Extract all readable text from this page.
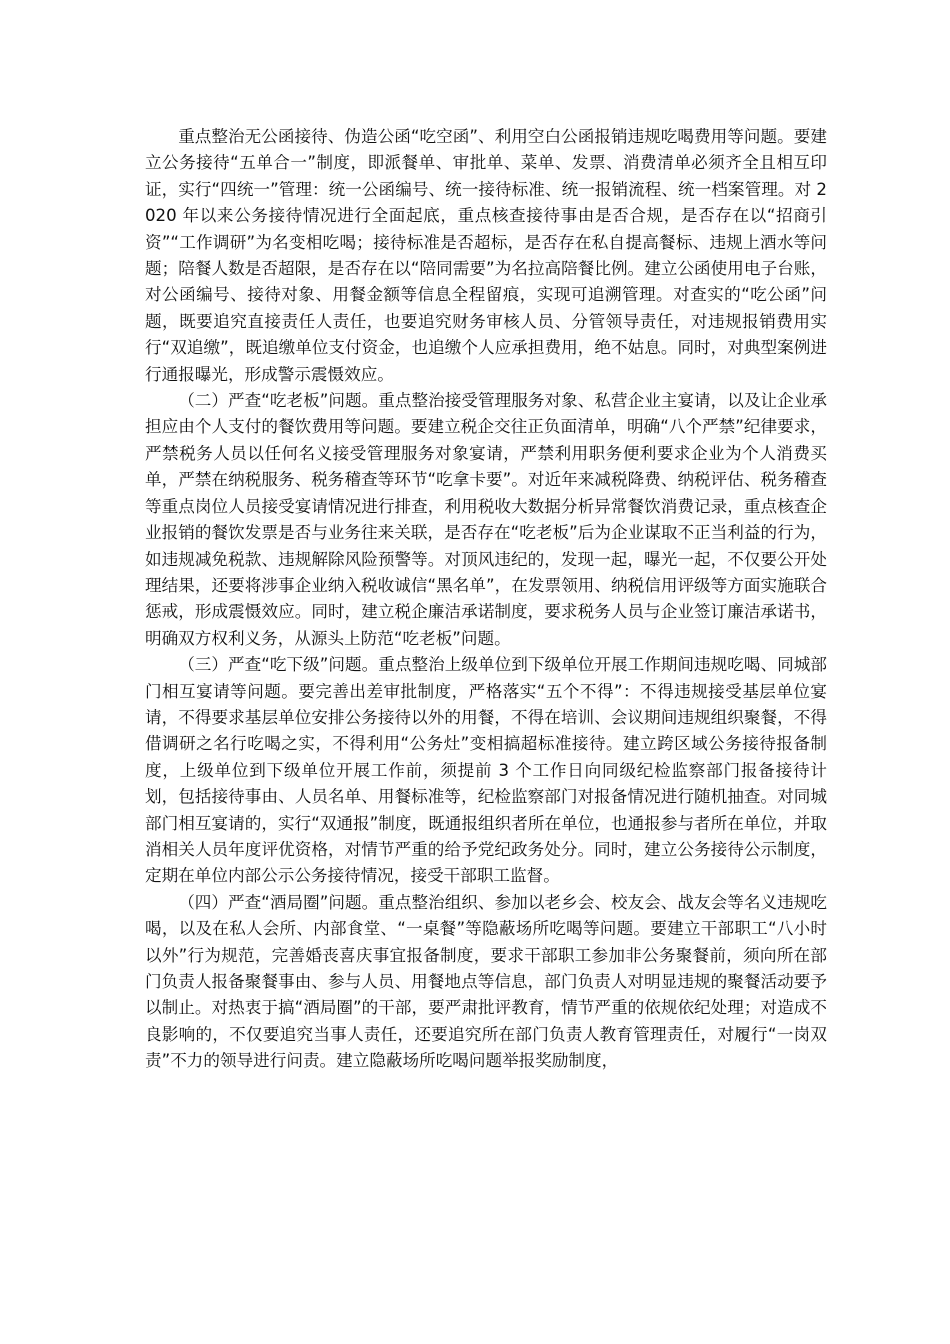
重点整治无公函接待、伪造公函“吃空函”、利用空白公函报销违规吃喝费用等问题。要建立公务接待“五单合一”制度，即派餐单、审批单、菜单、发票、消费清单必须齐全且相互印证，实行“四统一”管理：统一公函编号、统一接待标准、统一报销流程、统一档案管理。对 2020 年以来公务接待情况进行全面起底，重点核查接待事由是否合规，是否存在以“招商引资”“工作调研”为名变相吃喝；接待标准是否超标，是否存在私自提高餐标、违规上酒水等问题；陪餐人数是否超限，是否存在以“陪同需要”为名拉高陪餐比例。建立公函使用电子台账，对公函编号、接待对象、用餐金额等信息全程留痕，实现可追溯管理。对查实的“吃公函”问题，既要追究直接责任人责任，也要追究财务审核人员、分管领导责任，对违规报销费用实行“双追缴”，既追缴单位支付资金，也追缴个人应承担费用，绝不姑息。同时，对典型案例进行通报曝光，形成警示震慑效应。

（二）严查“吃老板”问题。重点整治接受管理服务对象、私营企业主宴请，以及让企业承担应由个人支付的餐饮费用等问题。要建立税企交往正负面清单，明确“八个严禁”纪律要求，严禁税务人员以任何名义接受管理服务对象宴请，严禁利用职务便利要求企业为个人消费买单，严禁在纳税服务、税务稽查等环节“吃拿卡要”。对近年来减税降费、纳税评估、税务稽查等重点岗位人员接受宴请情况进行排查，利用税收大数据分析异常餐饮消费记录，重点核查企业报销的餐饮发票是否与业务往来关联，是否存在“吃老板”后为企业谋取不正当利益的行为，如违规减免税款、违规解除风险预警等。对顶风违纪的，发现一起，曝光一起，不仅要公开处理结果，还要将涉事企业纳入税收诚信“黑名单”，在发票领用、纳税信用评级等方面实施联合惩戒，形成震慑效应。同时，建立税企廉洁承诺制度，要求税务人员与企业签订廉洁承诺书，明确双方权利义务，从源头上防范“吃老板”问题。

（三）严查“吃下级”问题。重点整治上级单位到下级单位开展工作期间违规吃喝、同城部门相互宴请等问题。要完善出差审批制度，严格落实“五个不得”：不得违规接受基层单位宴请，不得要求基层单位安排公务接待以外的用餐，不得在培训、会议期间违规组织聚餐，不得借调研之名行吃喝之实，不得利用“公务灶”变相搞超标准接待。建立跨区域公务接待报备制度，上级单位到下级单位开展工作前，须提前 3 个工作日向同级纪检监察部门报备接待计划，包括接待事由、人员名单、用餐标准等，纪检监察部门对报备情况进行随机抽查。对同城部门相互宴请的，实行“双通报”制度，既通报组织者所在单位，也通报参与者所在单位，并取消相关人员年度评优资格，对情节严重的给予党纪政务处分。同时，建立公务接待公示制度，定期在单位内部公示公务接待情况，接受干部职工监督。

（四）严查“酒局圈”问题。重点整治组织、参加以老乡会、校友会、战友会等名义违规吃喝，以及在私人会所、内部食堂、“一桌餐”等隐蔽场所吃喝等问题。要建立干部职工“八小时以外”行为规范，完善婚丧喜庆事宜报备制度，要求干部职工参加非公务聚餐前，须向所在部门负责人报备聚餐事由、参与人员、用餐地点等信息，部门负责人对明显违规的聚餐活动要予以制止。对热衷于搞“酒局圈”的干部，要严肃批评教育，情节严重的依规依纪处理；对造成不良影响的，不仅要追究当事人责任，还要追究所在部门负责人教育管理责任，对履行“一岗双责”不力的领导进行问责。建立隐蔽场所吃喝问题举报奖励制度，
